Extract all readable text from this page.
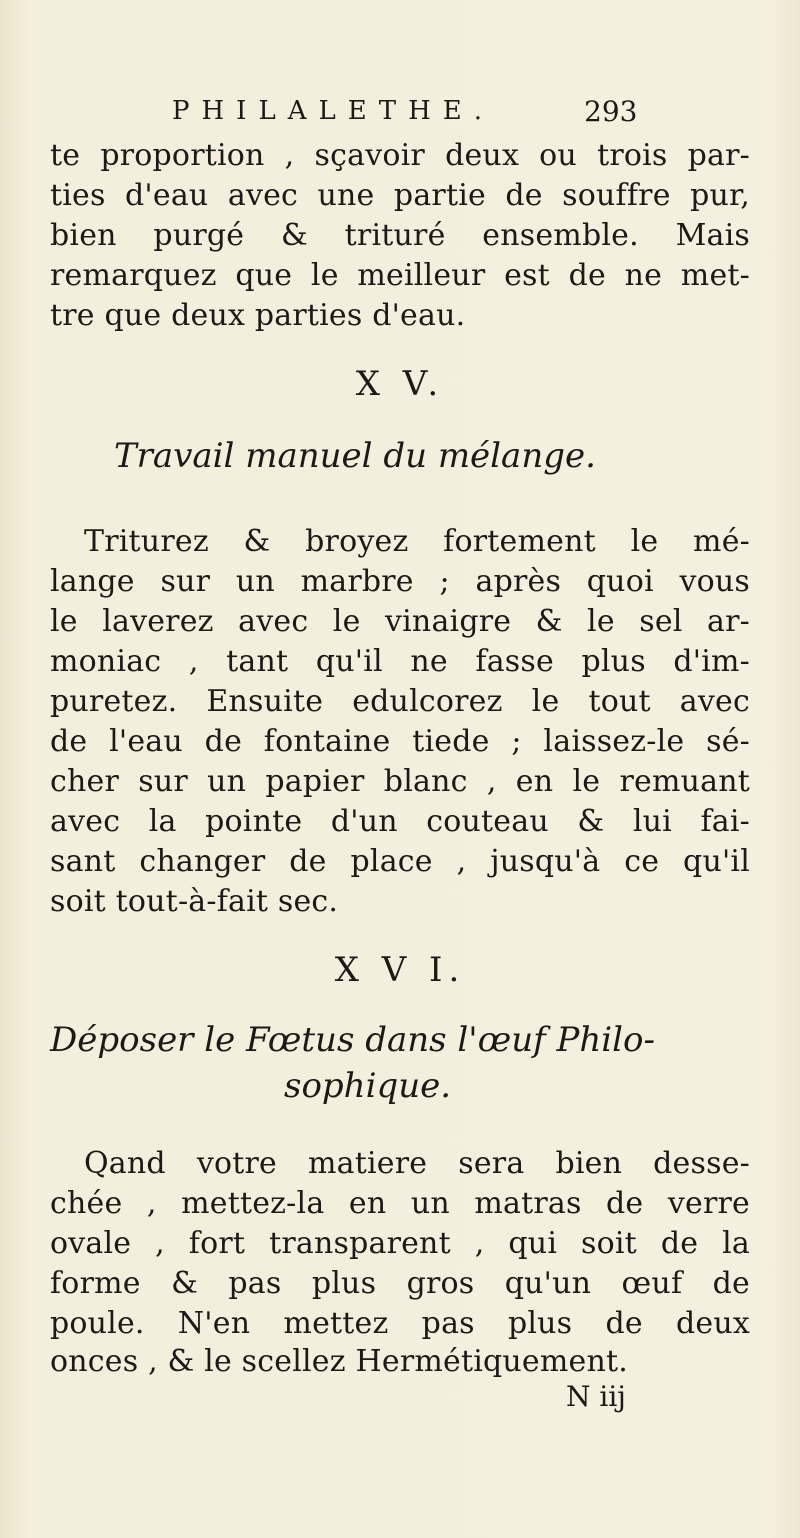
PHILALETHE.	293
te proportion , sçavoir deux ou trois par-
ties d'eau avec une partie de souffre pur,
bien purgé & trituré ensemble. Mais
remarquez que le meilleur est de ne met-
tre que deux parties d'eau.
X V.
Travail manuel du mélange.
Triturez & broyez fortement le mé-
lange sur un marbre ; après quoi vous
le laverez avec le vinaigre & le sel ar-
moniac , tant qu'il ne fasse plus d'im-
puretez. Ensuite edulcorez le tout avec
de l'eau de fontaine tiede ; laissez-le sé-
cher sur un papier blanc , en le remuant
avec la pointe d'un couteau & lui fai-
sant changer de place , jusqu'à ce qu'il
soit tout-à-fait sec.
X V I.
Déposer le Fœtus dans l'œuf Philo-
sophique.
Qand votre matiere sera bien desse-
chée , mettez-la en un matras de verre
ovale , fort transparent , qui soit de la
forme & pas plus gros qu'un œuf de
poule. N'en mettez pas plus de deux
onces , & le scellez Hermétiquement.
N iij
